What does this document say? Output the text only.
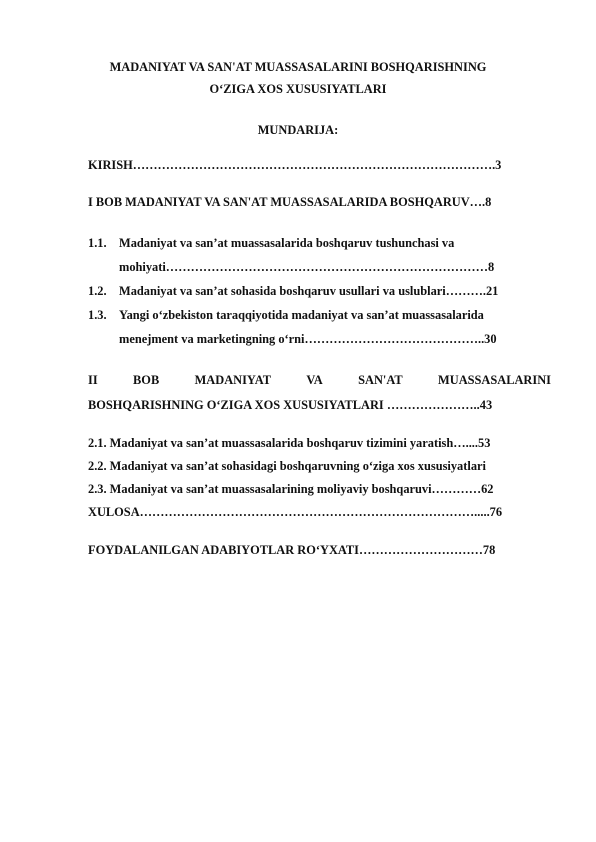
MADANIYAT VA SAN'AT MUASSASALARINI BOSHQARISHNING
O‘ZIGA XOS XUSUSIYATLARI
MUNDARIJA:
KIRISH…………………………………………………………………………….3
I BOB MADANIYAT VA SAN'AT MUASSASALARIDA BOSHQARUV….8
1.1. Madaniyat va san’at muassasalarida boshqaruv tushunchasi va
mohiyati……………………………………………………………………8
1.2. Madaniyat va san’at sohasida boshqaruv usullari va uslublari……….21
1.3. Yangi o‘zbekiston taraqqiyotida madaniyat va san’at muassasalarida
menejment va marketingning o‘rni……………………………………..30
II	BOB	MADANIYAT	VA	SAN'AT	MUASSASALARINI
BOSHQARISHNING O‘ZIGA XOS XUSUSIYATLARI …………………..43
2.1. Madaniyat va san’at muassasalarida boshqaruv tizimini yaratish…....53
2.2. Madaniyat va san’at sohasidagi boshqaruvning o‘ziga xos xususiyatlari
2.3. Madaniyat va san’at muassasalarining moliyaviy boshqaruvi…………62
XULOSA……………………………………………………………………….....76
FOYDALANILGAN ADABIYOTLAR RO‘YXATI…………………………78
